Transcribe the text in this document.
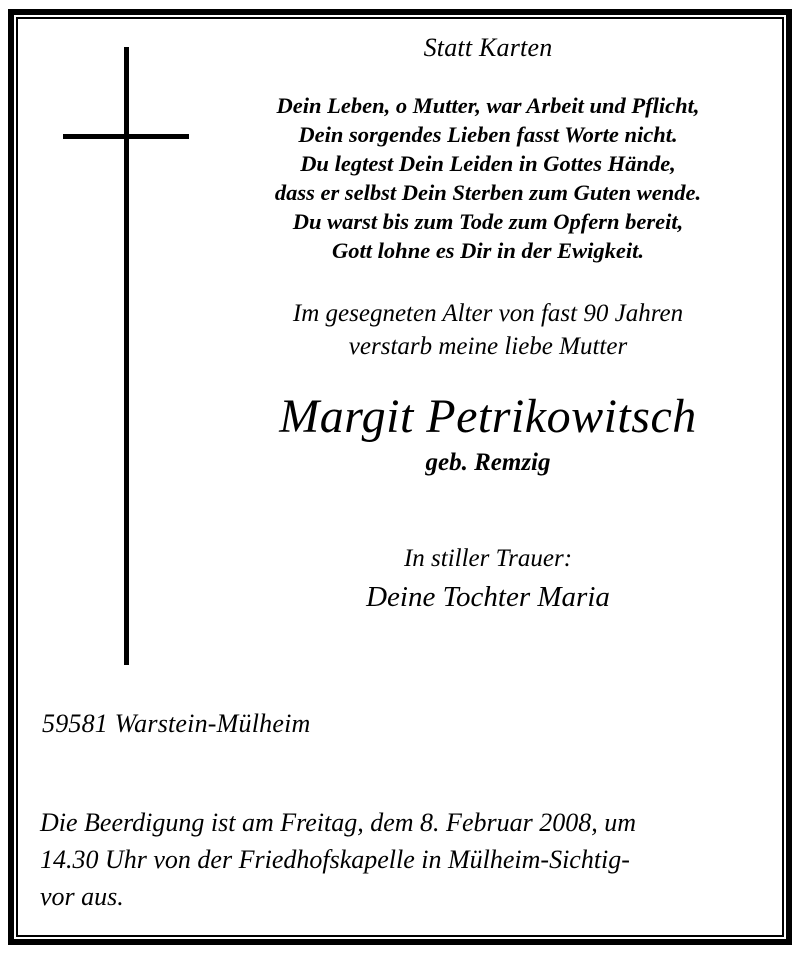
Statt Karten
Dein Leben, o Mutter, war Arbeit und Pflicht,
Dein sorgendes Lieben fasst Worte nicht.
Du legtest Dein Leiden in Gottes Hände,
dass er selbst Dein Sterben zum Guten wende.
Du warst bis zum Tode zum Opfern bereit,
Gott lohne es Dir in der Ewigkeit.
Im gesegneten Alter von fast 90 Jahren
verstarb meine liebe Mutter
Margit Petrikowitsch
geb. Remzig
In stiller Trauer:
Deine Tochter Maria
59581 Warstein-Mülheim
Die Beerdigung ist am Freitag, dem 8. Februar 2008, um
14.30 Uhr von der Friedhofskapelle in Mülheim-Sichtig-
vor aus.
